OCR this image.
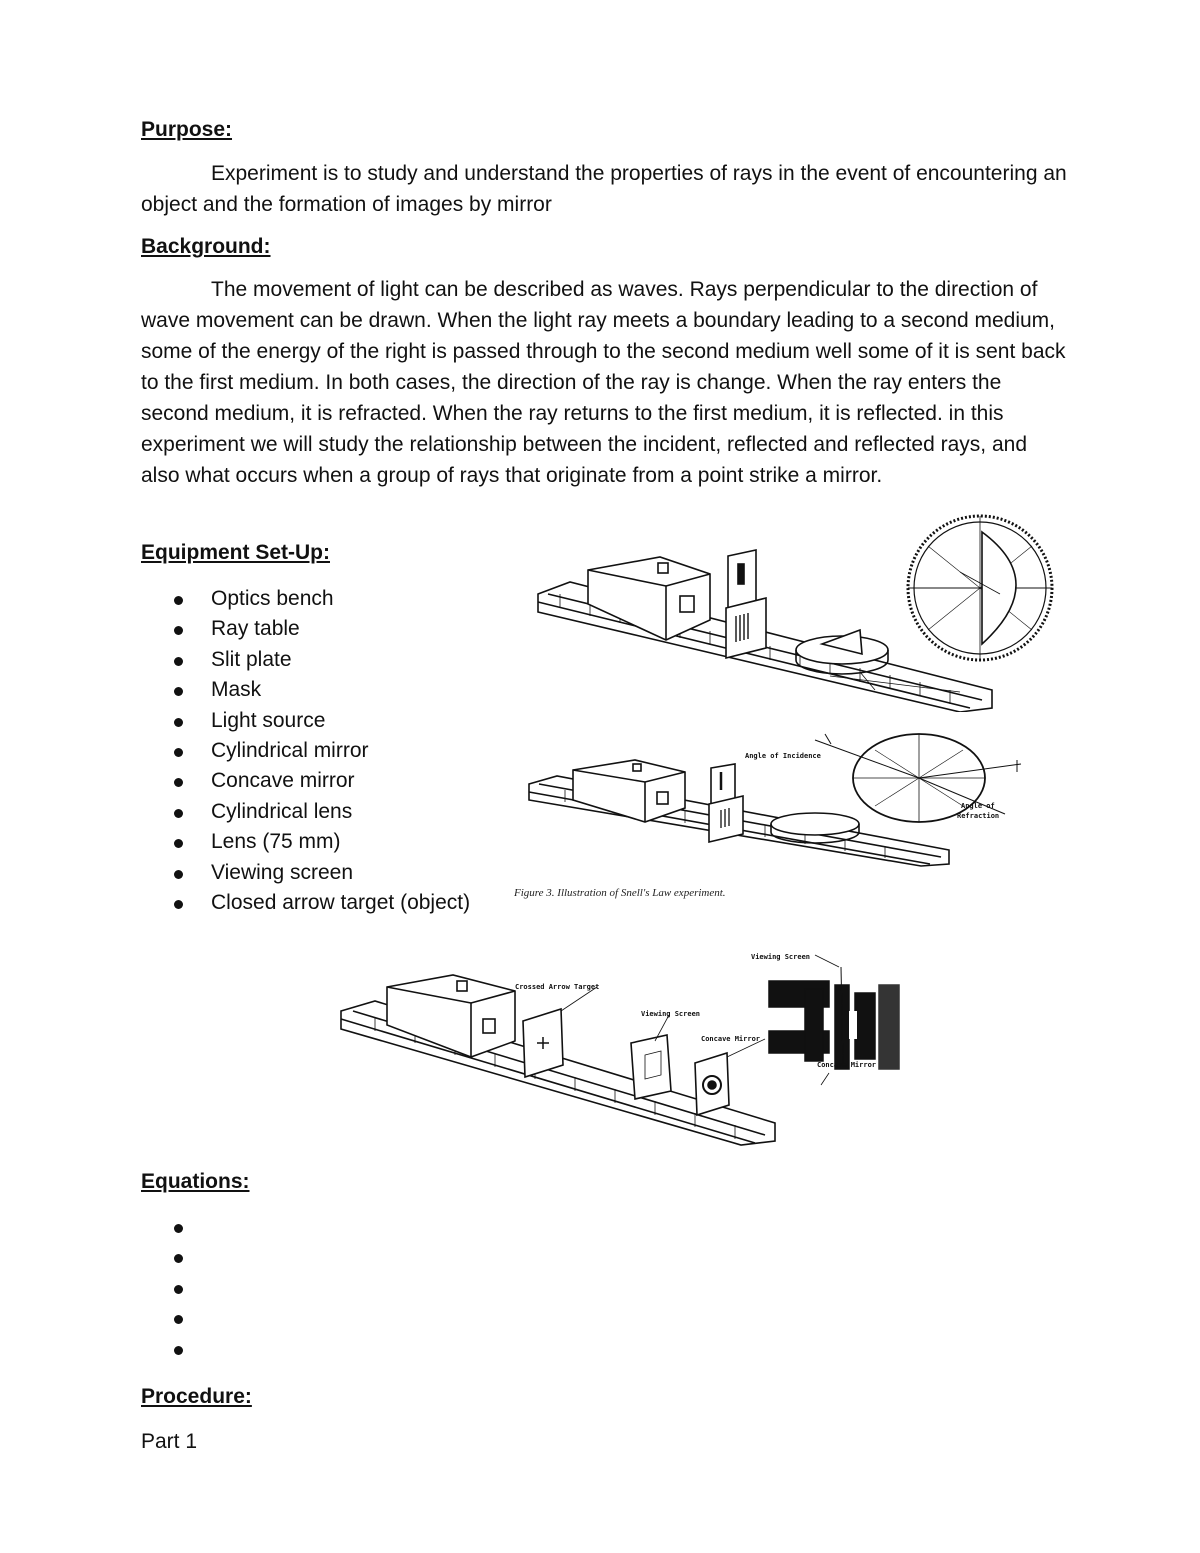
Purpose:

Experiment is to study and understand the properties of rays in the event of encountering an object and the formation of images by mirror

Background:

The movement of light can be described as waves. Rays perpendicular to the direction of wave movement can be drawn. When the light ray meets a boundary leading to a second medium, some of the energy of the right is passed through to the second medium well some of it is sent back to the first medium. In both cases, the direction of the ray is change. When the ray enters the second medium, it is refracted. When the ray returns to the first medium, it is reflected. in this experiment we will study the relationship between the incident, reflected and reflected rays, and also what occurs when a group of rays that originate from a point strike a mirror.

Equipment Set-Up:
Optics bench
Ray table
Slit plate
Mask
Light source
Cylindrical mirror
Concave mirror
Cylindrical lens
Lens (75 mm)
Viewing screen
Closed arrow target (object)
Angle of Incidence
Angle of
Refraction
Figure 3. Illustration of Snell's Law experiment.
Crossed Arrow Target
Viewing Screen
Concave Mirror
Viewing Screen
Concave Mirror
Equations:
Procedure:
Part 1
